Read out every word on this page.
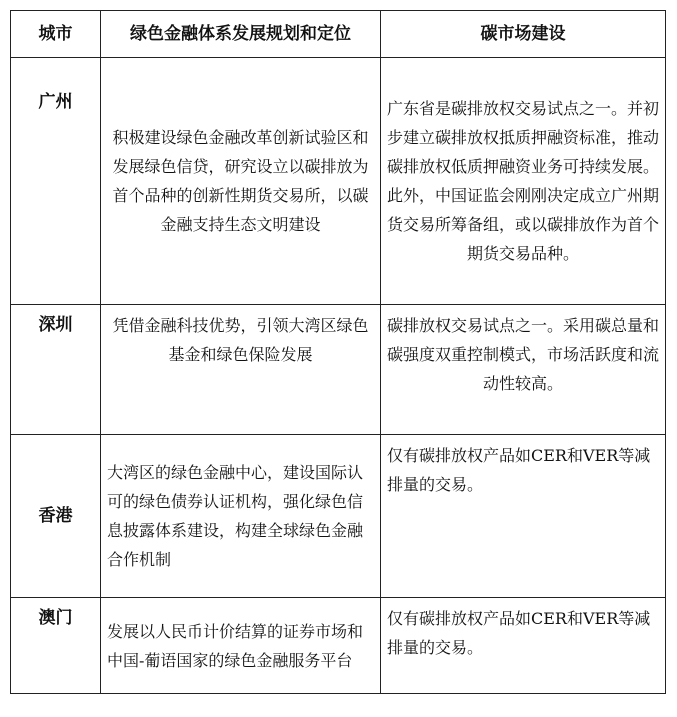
城市	绿色金融体系发展规划和定位	碳市场建设
广州	积极建设绿色金融改革创新试验区和发展绿色信贷，研究设立以碳排放为首个品种的创新性期货交易所，以碳金融支持生态文明建设	广东省是碳排放权交易试点之一。并初步建立碳排放权抵质押融资标准，推动碳排放权低质押融资业务可持续发展。此外，中国证监会刚刚决定成立广州期货交易所筹备组，或以碳排放作为首个期货交易品种。
深圳	凭借金融科技优势，引领大湾区绿色基金和绿色保险发展	碳排放权交易试点之一。采用碳总量和碳强度双重控制模式，市场活跃度和流动性较高。
香港	大湾区的绿色金融中心，建设国际认可的绿色债券认证机构，强化绿色信息披露体系建设，构建全球绿色金融合作机制	仅有碳排放权产品如CER和VER等减排量的交易。
澳门	发展以人民币计价结算的证券市场和中国-葡语国家的绿色金融服务平台	仅有碳排放权产品如CER和VER等减排量的交易。
